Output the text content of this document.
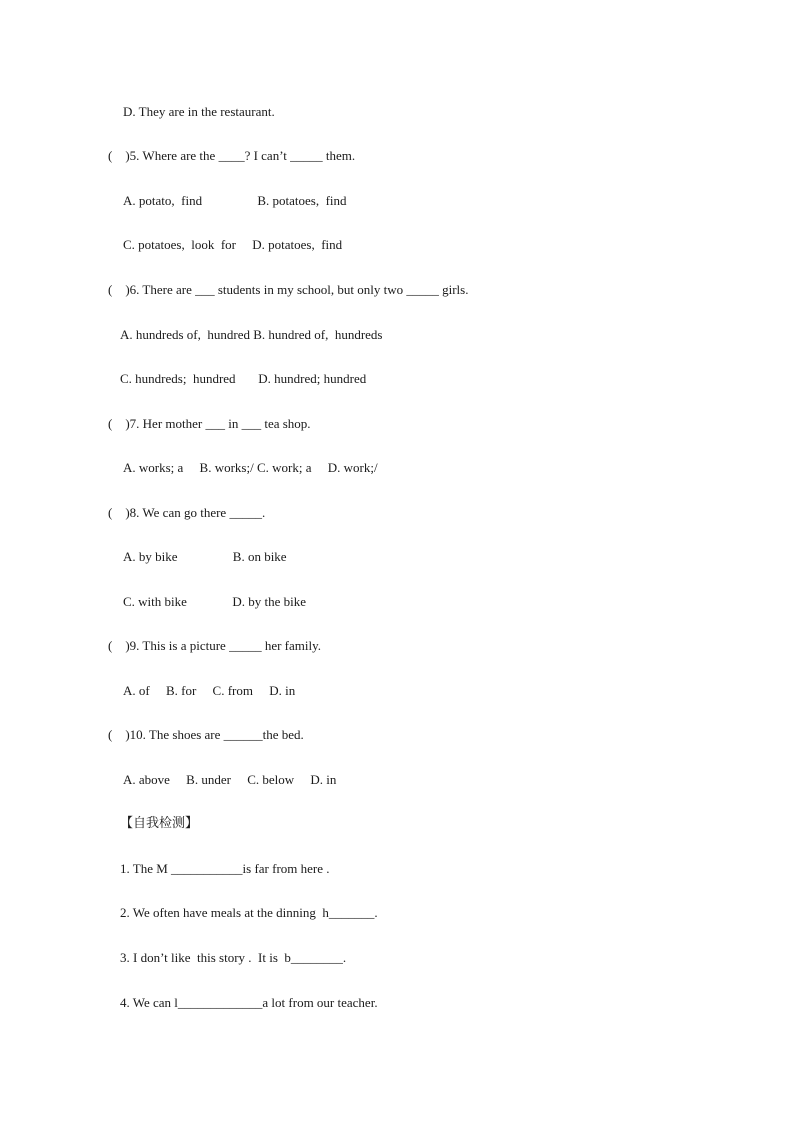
D. They are in the restaurant.

(    )5. Where are the ____? I can’t _____ them.

A. potato,  find                 B. potatoes,  find

C. potatoes,  look  for     D. potatoes,  find

(    )6. There are ___ students in my school, but only two _____ girls.

A. hundreds of,  hundred B. hundred of,  hundreds

C. hundreds;  hundred       D. hundred; hundred

(    )7. Her mother ___ in ___ tea shop.

A. works; a     B. works;/ C. work; a     D. work;/

(    )8. We can go there _____.

A. by bike                 B. on bike

C. with bike              D. by the bike

(    )9. This is a picture _____ her family.

A. of     B. for     C. from     D. in

(    )10. The shoes are ______the bed.

A. above     B. under     C. below     D. in

【自我检测】

1. The M ___________is far from here .

2. We often have meals at the dinning  h_______.

3. I don’t like  this story .  It is  b________.

4. We can l_____________a lot from our teacher.
